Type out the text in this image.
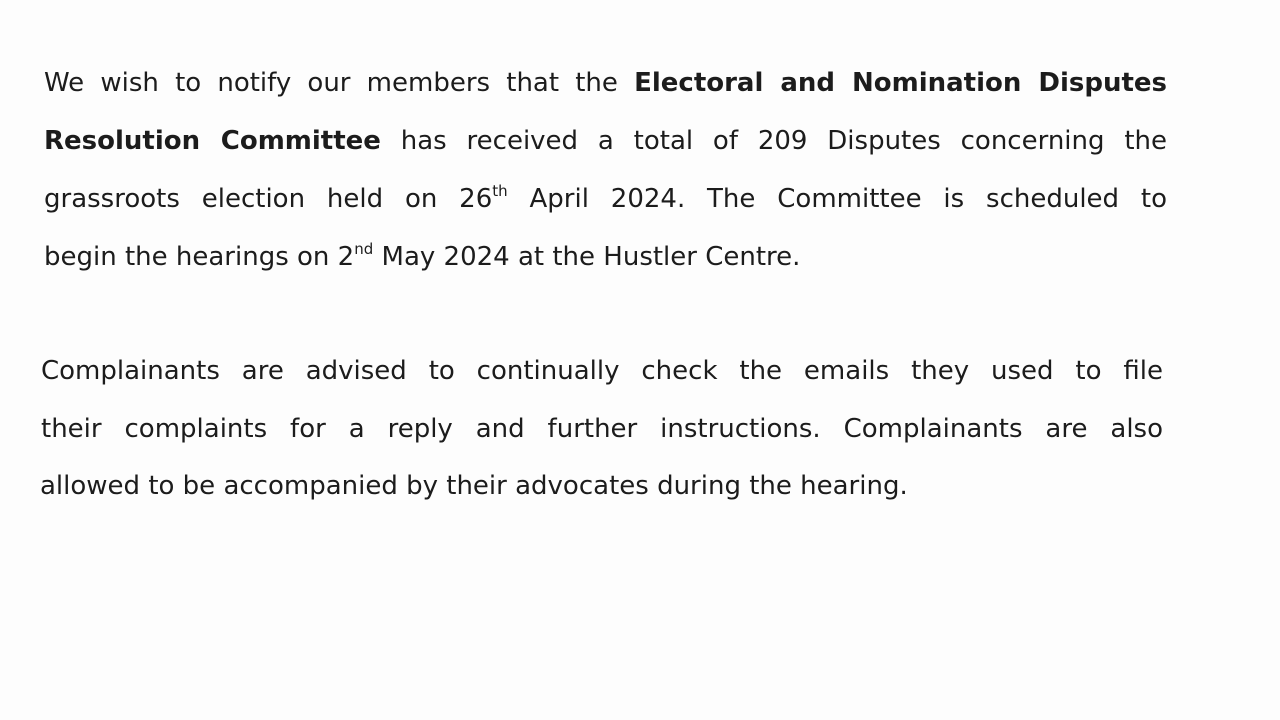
We wish to notify our members that the Electoral and Nomination Disputes
Resolution Committee has received a total of 209 Disputes concerning the
grassroots election held on 26th April 2024. The Committee is scheduled to
begin the hearings on 2nd May 2024 at the Hustler Centre.
Complainants are advised to continually check the emails they used to file
their complaints for a reply and further instructions. Complainants are also
allowed to be accompanied by their advocates during the hearing.
